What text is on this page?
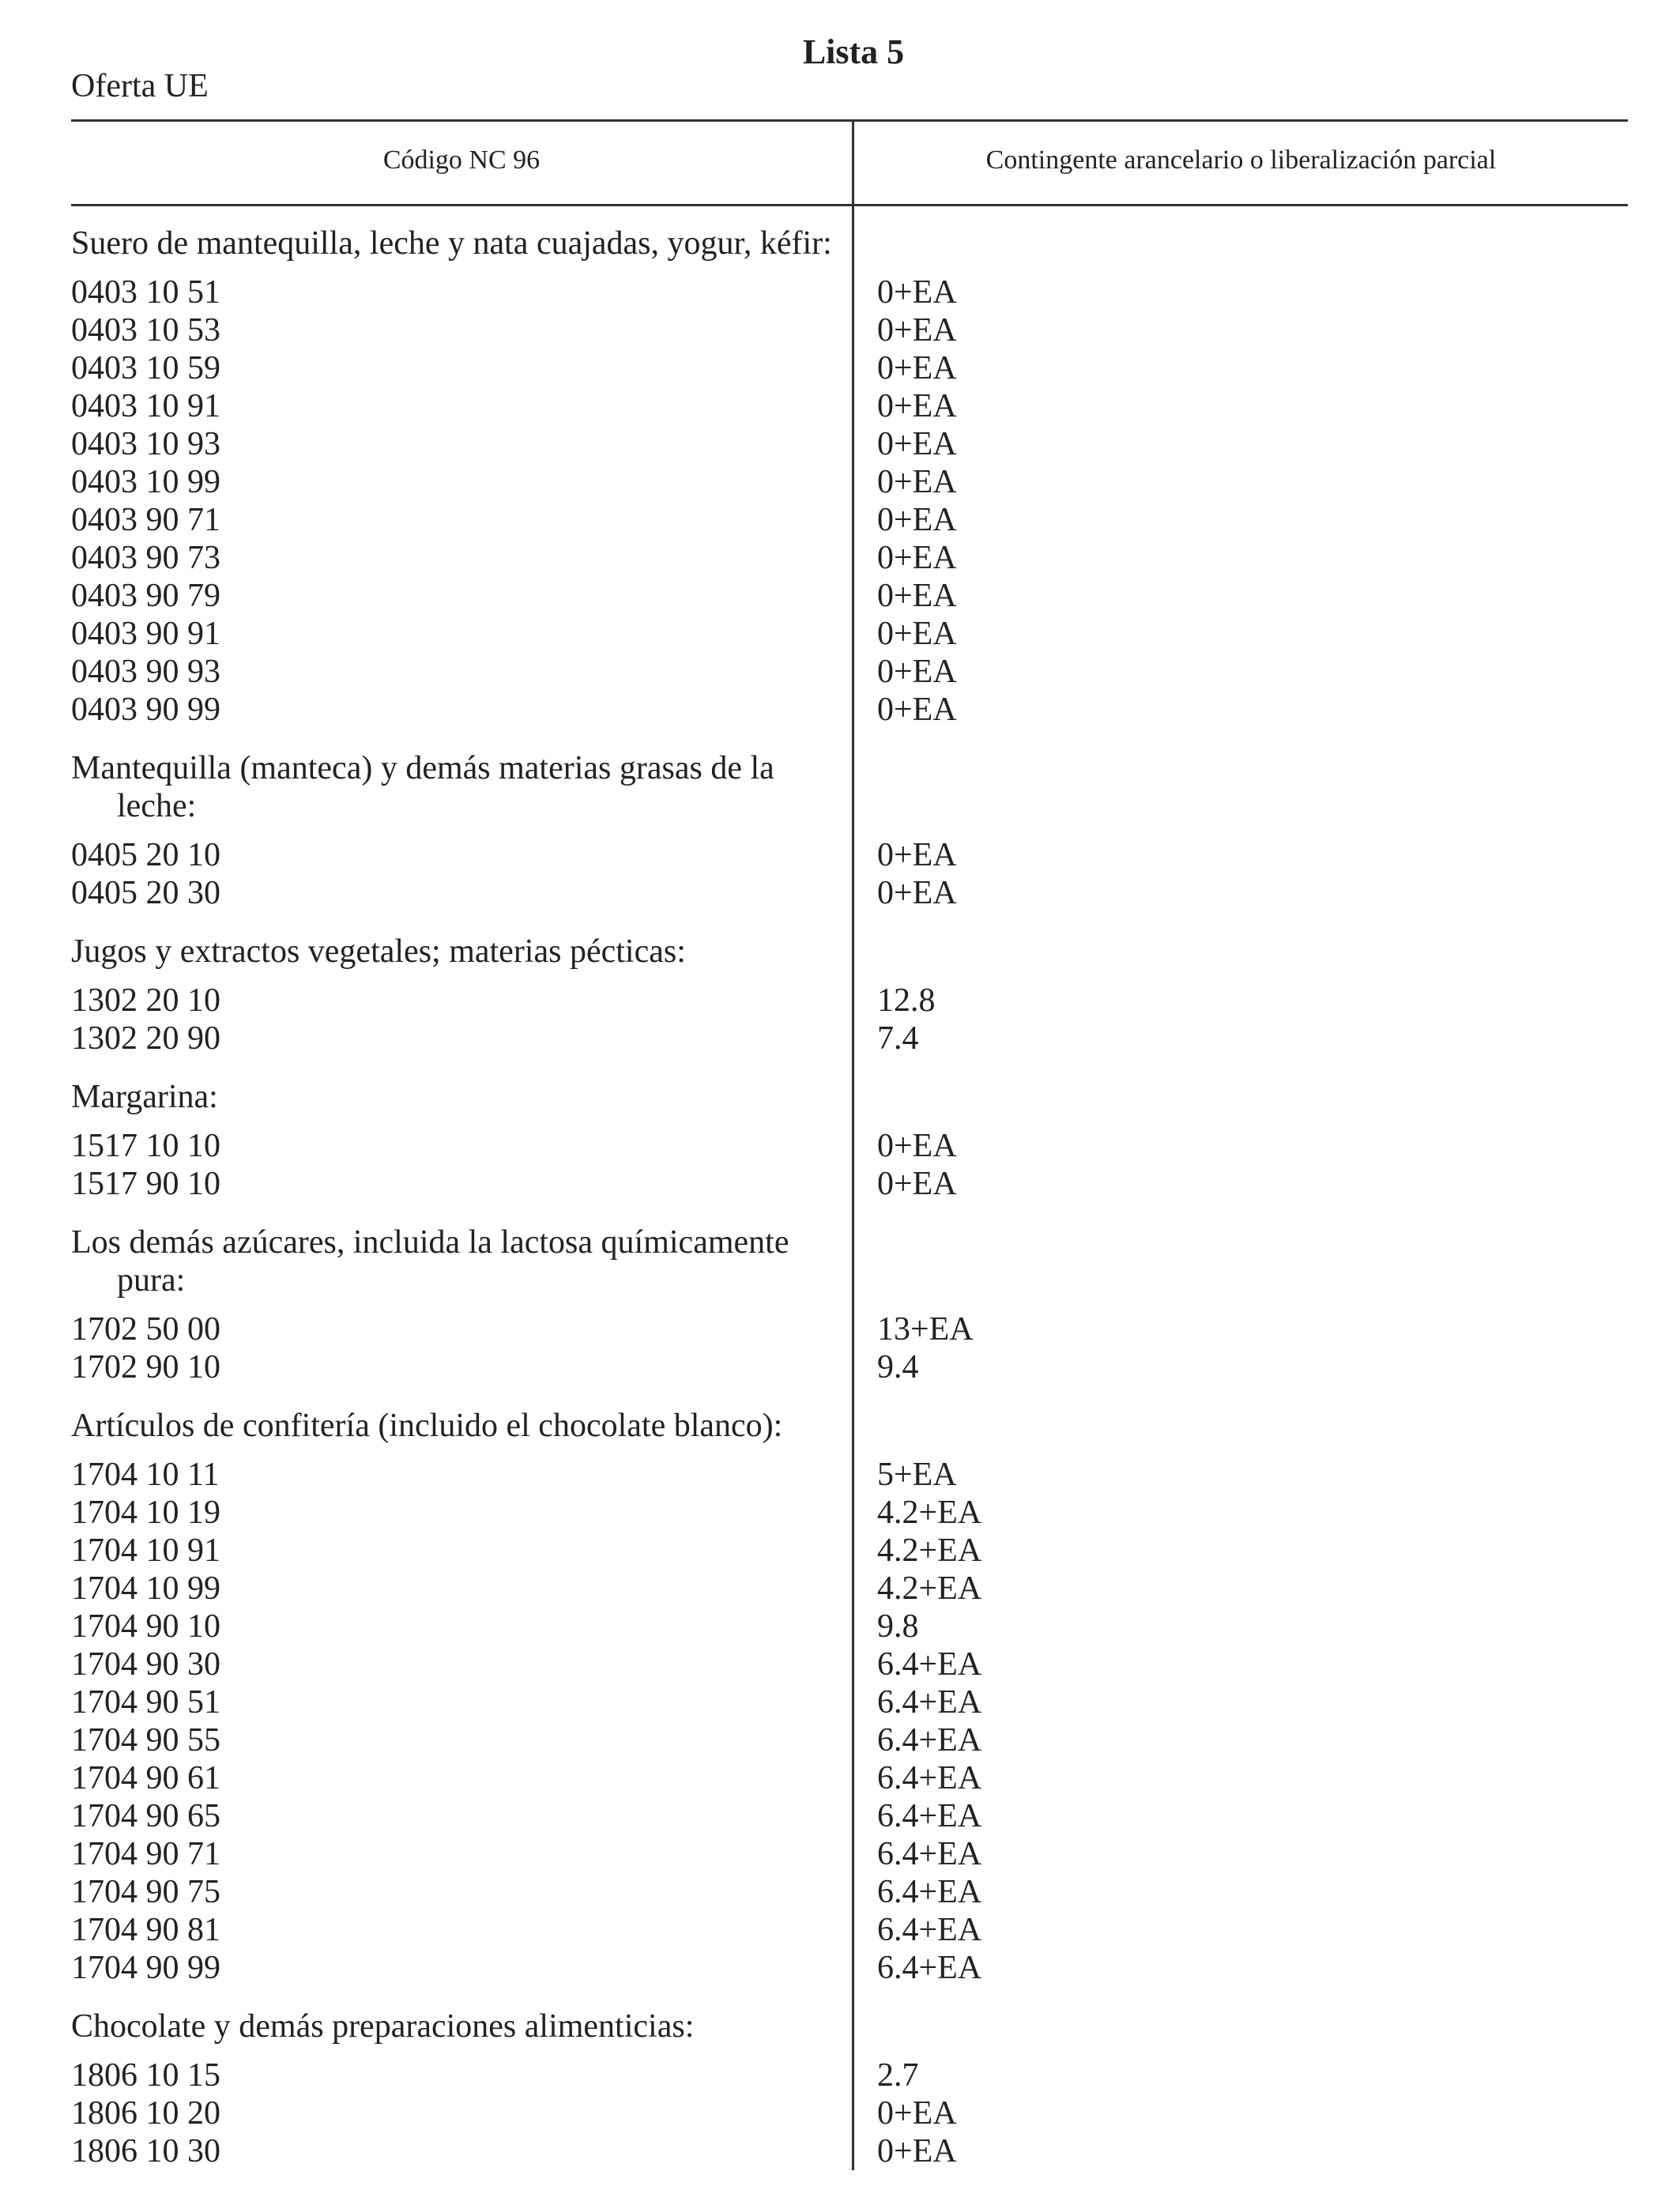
Lista 5
Oferta UE
Código NC 96	Contingente arancelario o liberalización parcial
Suero de mantequilla, leche y nata cuajadas, yogur, kéfir:
0403 10 51	0+EA
0403 10 53	0+EA
0403 10 59	0+EA
0403 10 91	0+EA
0403 10 93	0+EA
0403 10 99	0+EA
0403 90 71	0+EA
0403 90 73	0+EA
0403 90 79	0+EA
0403 90 91	0+EA
0403 90 93	0+EA
0403 90 99	0+EA
Mantequilla (manteca) y demás materias grasas de la
leche:
0405 20 10	0+EA
0405 20 30	0+EA
Jugos y extractos vegetales; materias pécticas:
1302 20 10	12.8
1302 20 90	7.4
Margarina:
1517 10 10	0+EA
1517 90 10	0+EA
Los demás azúcares, incluida la lactosa químicamente
pura:
1702 50 00	13+EA
1702 90 10	9.4
Artículos de confitería (incluido el chocolate blanco):
1704 10 11	5+EA
1704 10 19	4.2+EA
1704 10 91	4.2+EA
1704 10 99	4.2+EA
1704 90 10	9.8
1704 90 30	6.4+EA
1704 90 51	6.4+EA
1704 90 55	6.4+EA
1704 90 61	6.4+EA
1704 90 65	6.4+EA
1704 90 71	6.4+EA
1704 90 75	6.4+EA
1704 90 81	6.4+EA
1704 90 99	6.4+EA
Chocolate y demás preparaciones alimenticias:
1806 10 15	2.7
1806 10 20	0+EA
1806 10 30	0+EA
